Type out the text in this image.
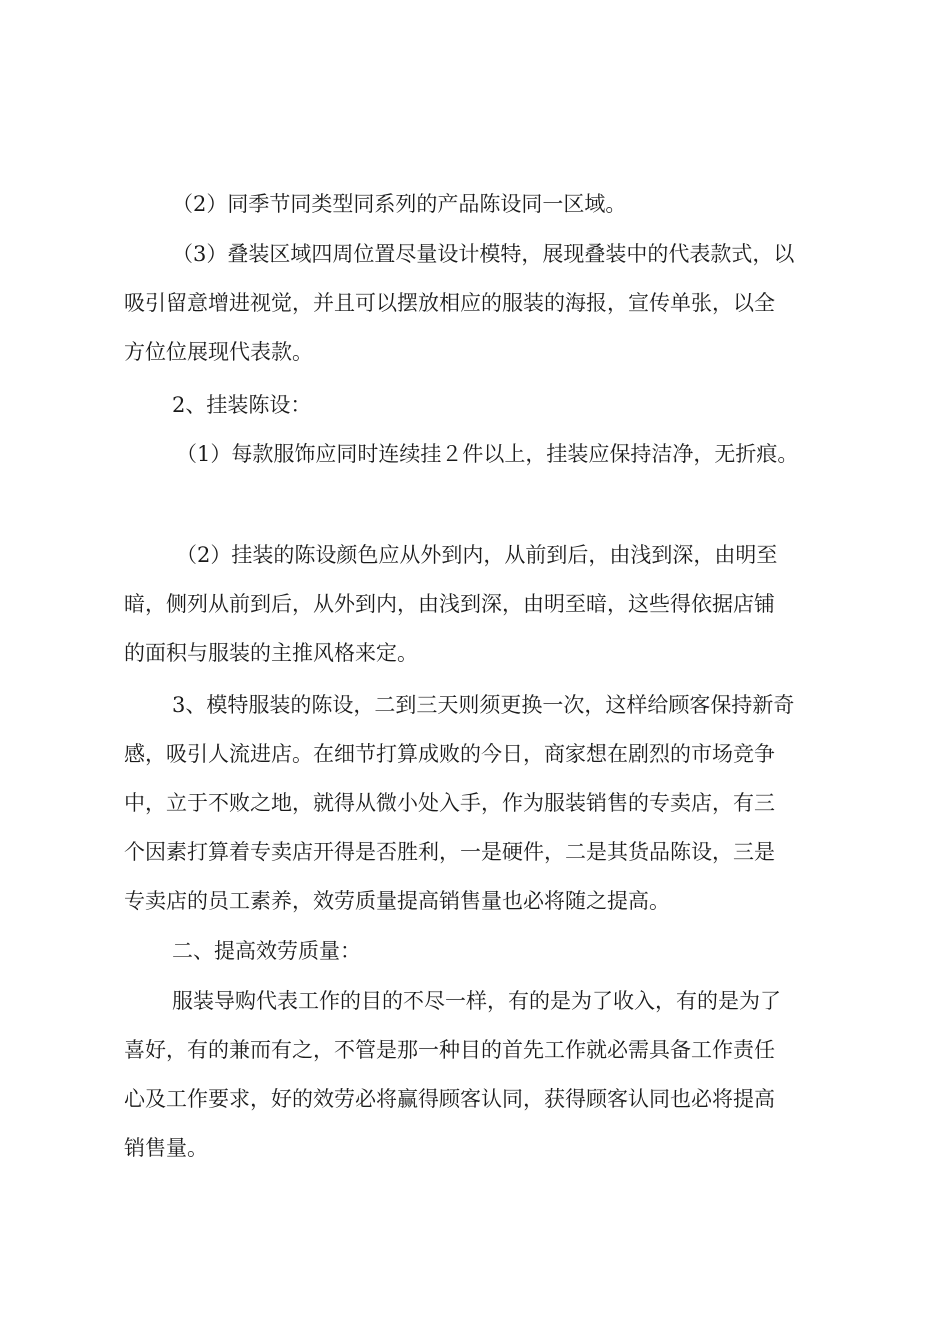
（2）同季节同类型同系列的产品陈设同一区域。
（3）叠装区域四周位置尽量设计模特，展现叠装中的代表款式，以
吸引留意增进视觉，并且可以摆放相应的服装的海报，宣传单张，以全
方位位展现代表款。
2、挂装陈设：
（1）每款服饰应同时连续挂２件以上，挂装应保持洁净，无折痕。
（2）挂装的陈设颜色应从外到内，从前到后，由浅到深，由明至
暗，侧列从前到后，从外到内，由浅到深，由明至暗，这些得依据店铺
的面积与服装的主推风格来定。
3、模特服装的陈设，二到三天则须更换一次，这样给顾客保持新奇
感，吸引人流进店。在细节打算成败的今日，商家想在剧烈的市场竞争
中，立于不败之地，就得从微小处入手，作为服装销售的专卖店，有三
个因素打算着专卖店开得是否胜利，一是硬件，二是其货品陈设，三是
专卖店的员工素养，效劳质量提高销售量也必将随之提高。
二、提高效劳质量：
服装导购代表工作的目的不尽一样，有的是为了收入，有的是为了
喜好，有的兼而有之，不管是那一种目的首先工作就必需具备工作责任
心及工作要求，好的效劳必将赢得顾客认同，获得顾客认同也必将提高
销售量。
